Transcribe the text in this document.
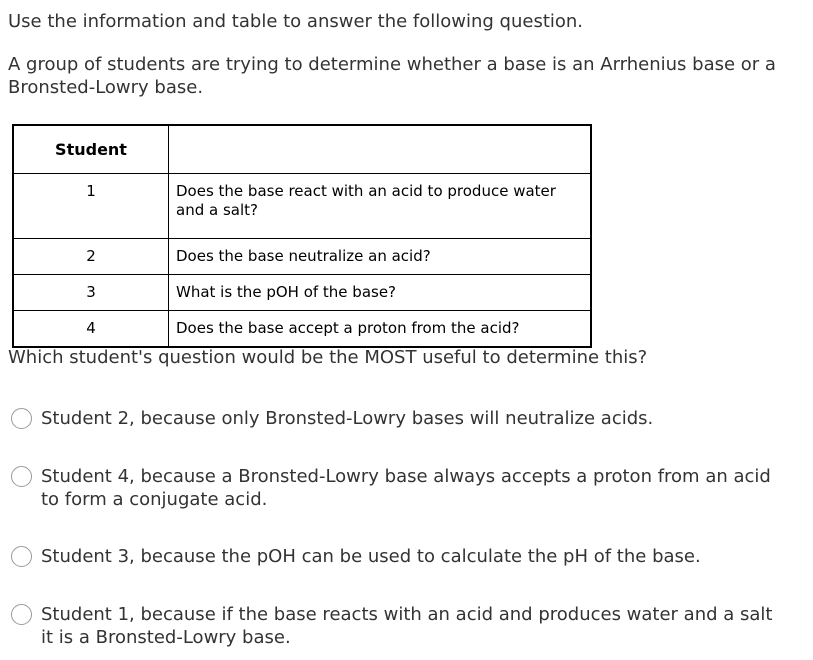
Use the information and table to answer the following question.

A group of students are trying to determine whether a base is an Arrhenius base or a
Bronsted-Lowry base.

Student	
1	Does the base react with an acid to produce water
and a salt?
2	Does the base neutralize an acid?
3	What is the pOH of the base?
4	Does the base accept a proton from the acid?

Which student's question would be the MOST useful to determine this?

Student 2, because only Bronsted-Lowry bases will neutralize acids.
Student 4, because a Bronsted-Lowry base always accepts a proton from an acid
to form a conjugate acid.
Student 3, because the pOH can be used to calculate the pH of the base.
Student 1, because if the base reacts with an acid and produces water and a salt
it is a Bronsted-Lowry base.
